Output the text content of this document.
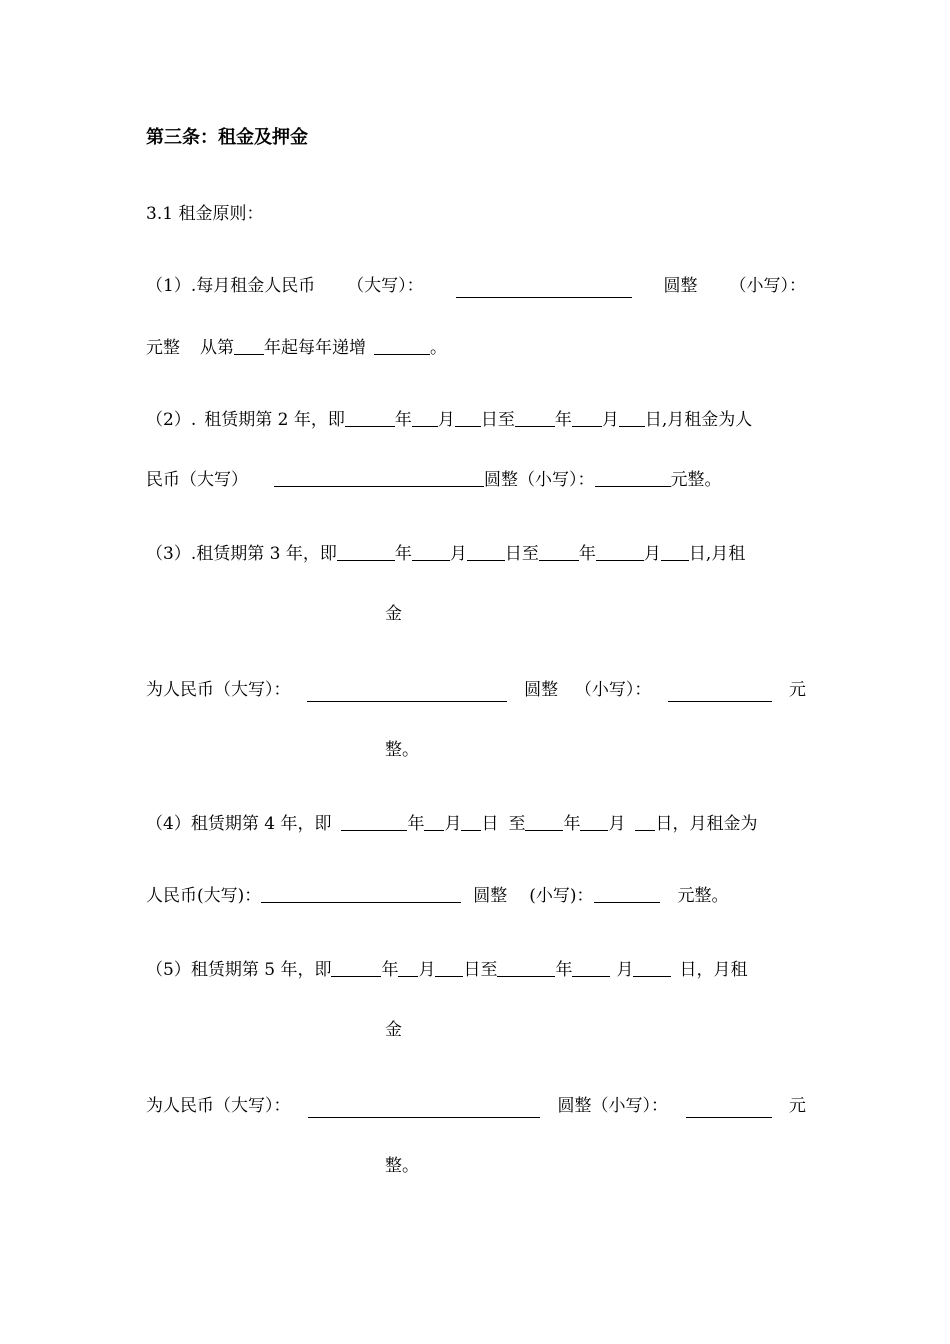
第三条：租金及押金
3.1 租金原则：
（1）.每月租金人民币 （大写）：	圆整 （小写）：
元整 从第 年起每年递增	。
（2）. 租赁期第 2 年，即	年 月 日至 年 月 日,月租金为人
民币（大写）	圆整（小写）：	元整。
（3）.租赁期第 3 年，即	年 月 日至 年	月 日,月租
金
为人民币（大写）：	圆整 （小写）：	元
整。
（4）租赁期第 4 年，即	年 月 日 至 年 月 日，月租金为
人民币(大写)：	圆整 (小写)：	元整。
（5）租赁期第 5 年，即	年 月 日至	年	月	日，月租
金
为人民币（大写）：	圆整（小写）：	元
整。
